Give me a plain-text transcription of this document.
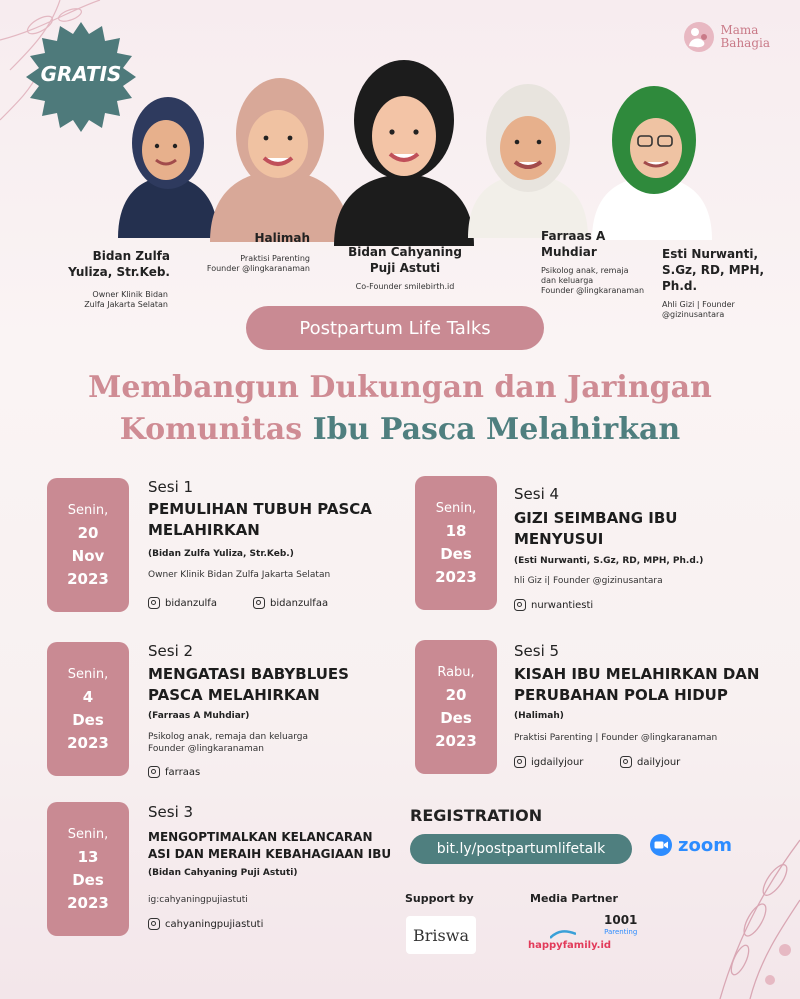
GRATIS
Mama
Bahagia
Bidan Zulfa
Yuliza, Str.Keb.
Owner Klinik Bidan
Zulfa Jakarta Selatan
Halimah
Praktisi Parenting
Founder @lingkaranaman
Bidan Cahyaning
Puji Astuti
Co-Founder smilebirth.id
Farraas A
Muhdiar
Psikolog anak, remaja
dan keluarga
Founder @lingkaranaman
Esti Nurwanti,
S.Gz, RD, MPH,
Ph.d.
Ahli Gizi | Founder
@gizinusantara
Postpartum Life Talks
Membangun Dukungan dan Jaringan
Komunitas Ibu Pasca Melahirkan
Senin,
20
Nov
2023
Sesi 1
PEMULIHAN TUBUH PASCA
MELAHIRKAN
(Bidan Zulfa Yuliza, Str.Keb.)
Owner Klinik Bidan Zulfa Jakarta Selatan
bidanzulfa	bidanzulfaa
Senin,
4
Des
2023
Sesi 2
MENGATASI BABYBLUES
PASCA MELAHIRKAN
(Farraas A Muhdiar)
Psikolog anak, remaja dan keluarga
Founder @lingkaranaman
farraas
Senin,
13
Des
2023
Sesi 3
MENGOPTIMALKAN KELANCARAN
ASI DAN MERAIH KEBAHAGIAAN IBU
(Bidan Cahyaning Puji Astuti)
ig:cahyaningpujiastuti
cahyaningpujiastuti
Senin,
18
Des
2023
Sesi 4
GIZI SEIMBANG IBU
MENYUSUI
(Esti Nurwanti, S.Gz, RD, MPH, Ph.d.)
hli Giz i| Founder @gizinusantara
nurwantiesti
Rabu,
20
Des
2023
Sesi 5
KISAH IBU MELAHIRKAN DAN
PERUBAHAN POLA HIDUP
(Halimah)
Praktisi Parenting | Founder @lingkaranaman
igdailyjour	dailyjour
REGISTRATION
bit.ly/postpartumlifetalk	zoom
Support by
Briswa
Media Partner
happyfamily.id
1001
Parenting
